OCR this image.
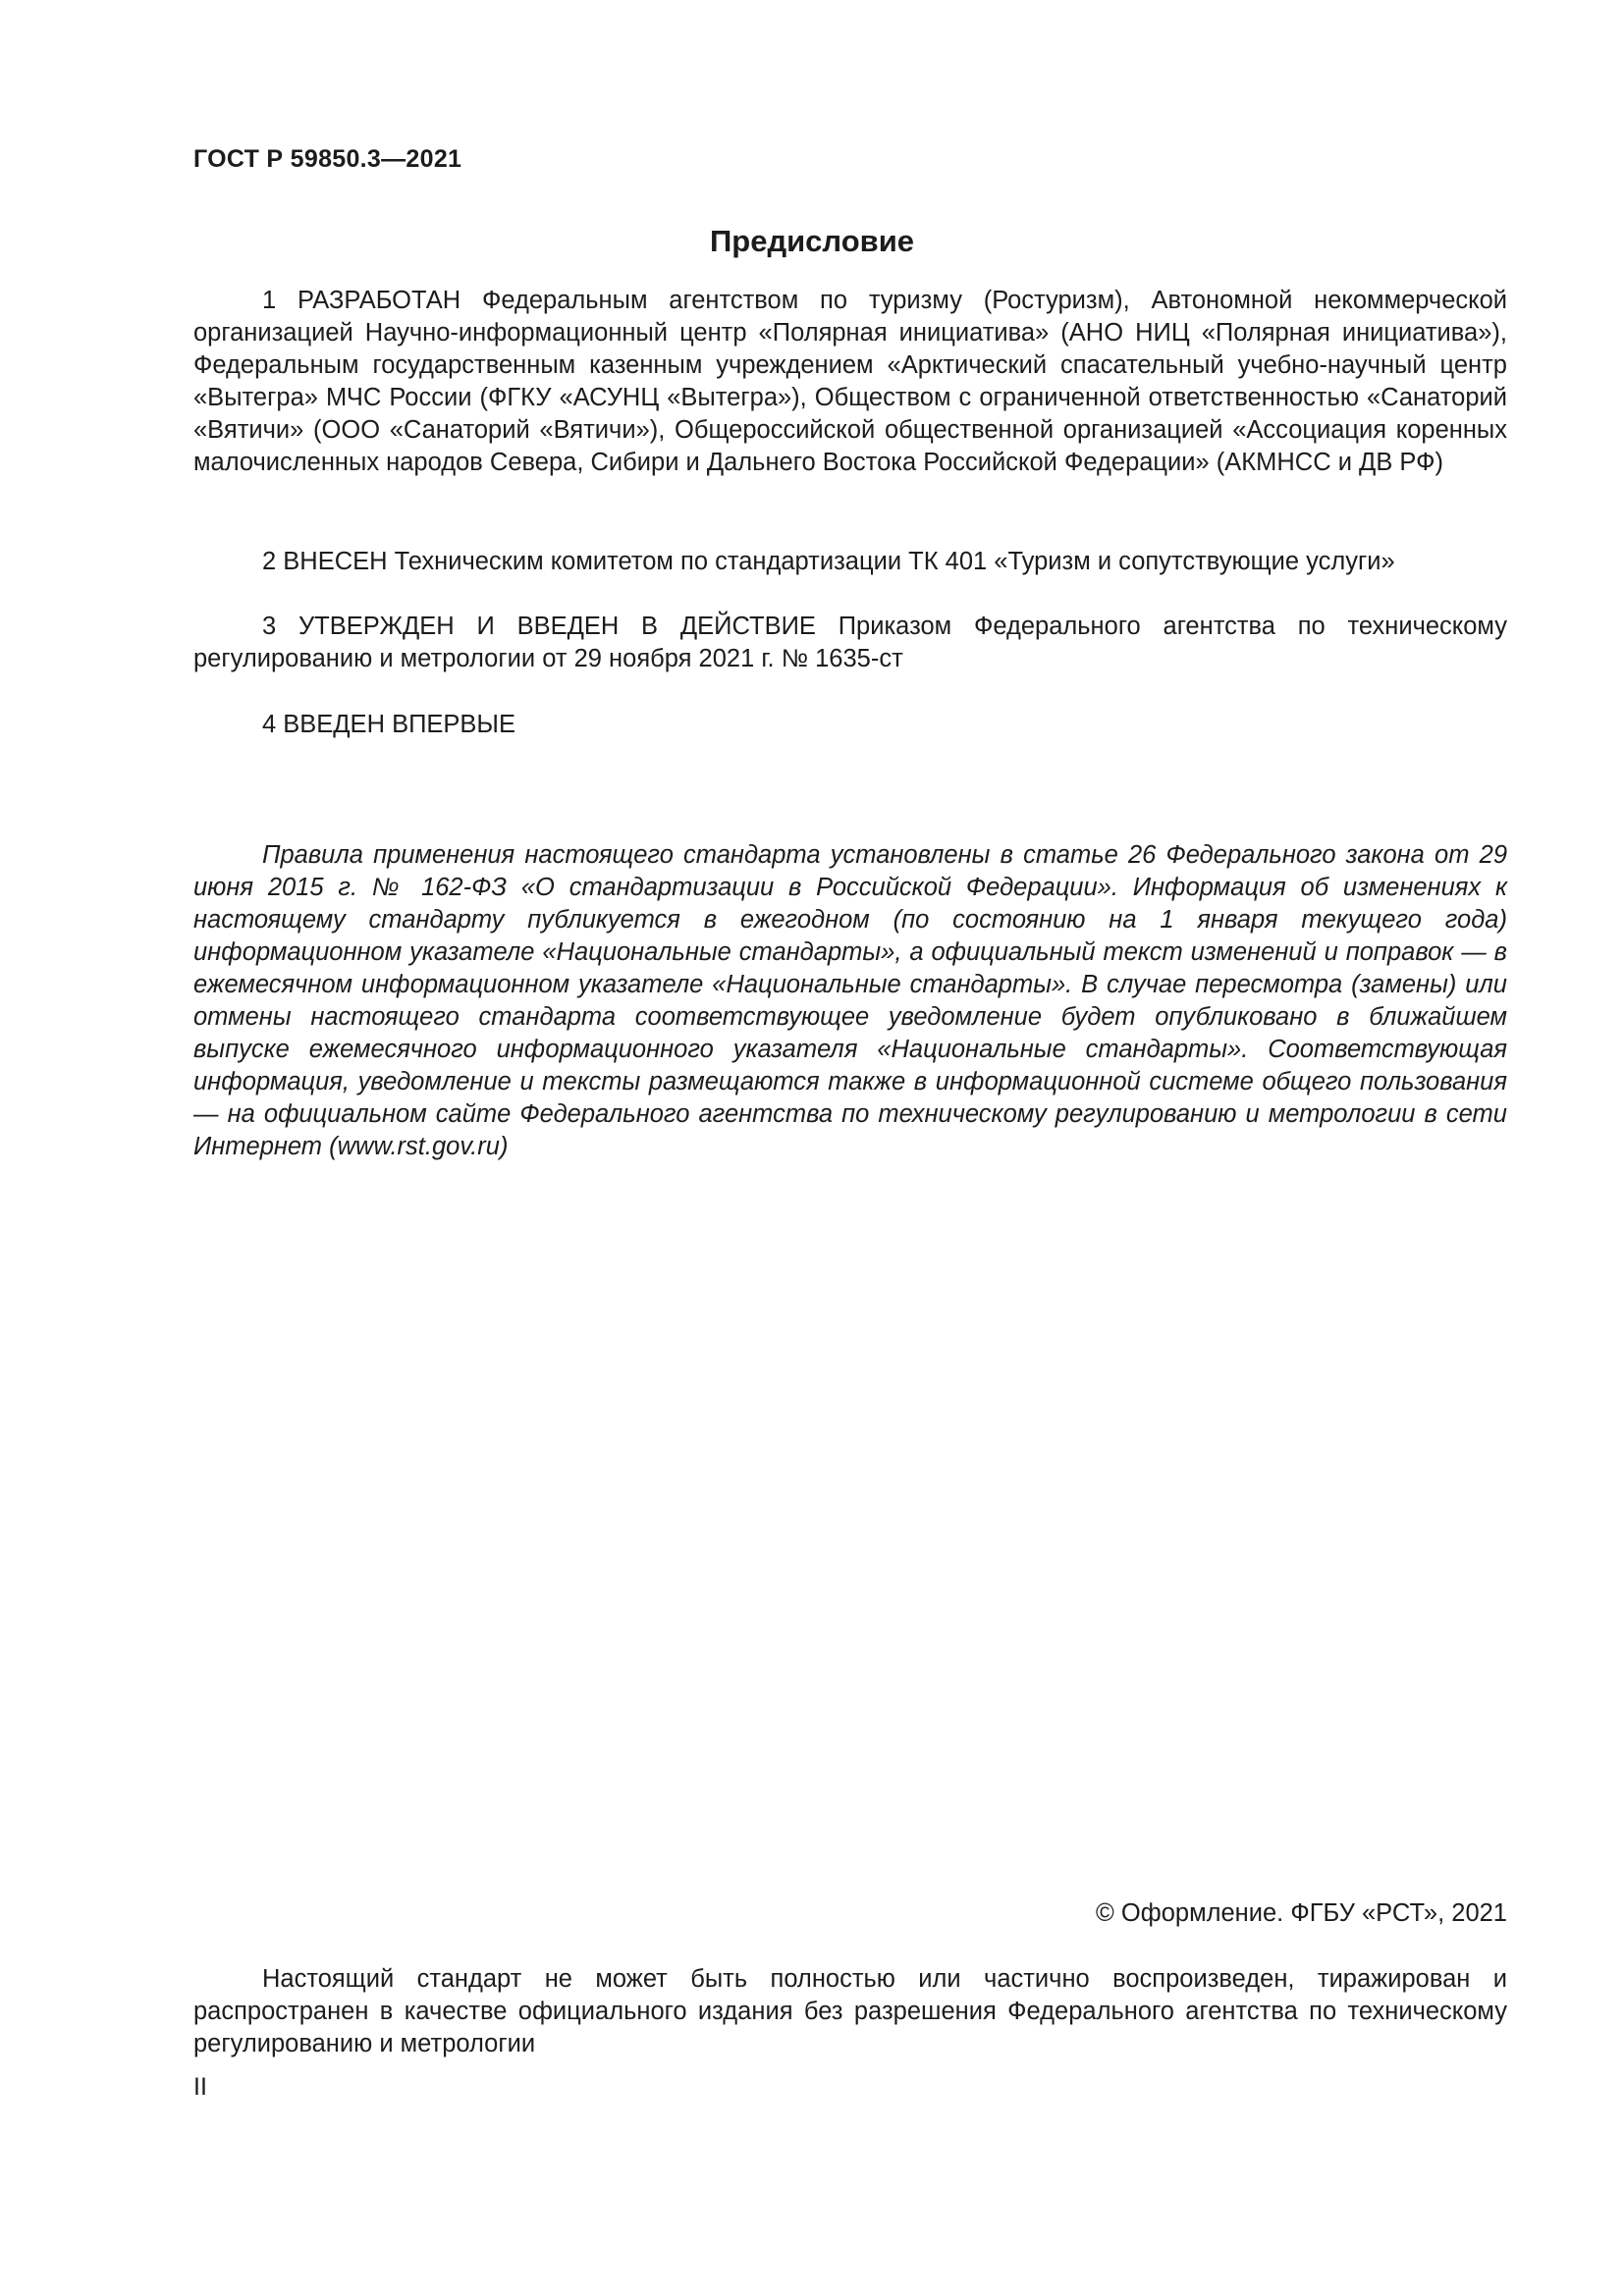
ГОСТ Р 59850.3—2021
Предисловие

1 РАЗРАБОТАН Федеральным агентством по туризму (Ростуризм), Автономной некоммерческой организацией Научно-информационный центр «Полярная инициатива» (АНО НИЦ «Полярная инициатива»), Федеральным государственным казенным учреждением «Арктический спасательный учебно-научный центр «Вытегра» МЧС России (ФГКУ «АСУНЦ «Вытегра»), Обществом с ограниченной ответственностью «Санаторий «Вятичи» (ООО «Санаторий «Вятичи»), Общероссийской общественной организацией «Ассоциация коренных малочисленных народов Севера, Сибири и Дальнего Востока Российской Федерации» (АКМНСС и ДВ РФ)

2 ВНЕСЕН Техническим комитетом по стандартизации ТК 401 «Туризм и сопутствующие услуги»

3 УТВЕРЖДЕН И ВВЕДЕН В ДЕЙСТВИЕ Приказом Федерального агентства по техническому регулированию и метрологии от 29 ноября 2021 г. № 1635-ст

4 ВВЕДЕН ВПЕРВЫЕ

Правила применения настоящего стандарта установлены в статье 26 Федерального закона от 29 июня 2015 г. № 162-ФЗ «О стандартизации в Российской Федерации». Информация об изменениях к настоящему стандарту публикуется в ежегодном (по состоянию на 1 января текущего года) информационном указателе «Национальные стандарты», а официальный текст изменений и поправок — в ежемесячном информационном указателе «Национальные стандарты». В случае пересмотра (замены) или отмены настоящего стандарта соответствующее уведомление будет опубликовано в ближайшем выпуске ежемесячного информационного указателя «Национальные стандарты». Соответствующая информация, уведомление и тексты размещаются также в информационной системе общего пользования — на официальном сайте Федерального агентства по техническому регулированию и метрологии в сети Интернет (www.rst.gov.ru)

© Оформление. ФГБУ «РСТ», 2021

Настоящий стандарт не может быть полностью или частично воспроизведен, тиражирован и распространен в качестве официального издания без разрешения Федерального агентства по техническому регулированию и метрологии

II
